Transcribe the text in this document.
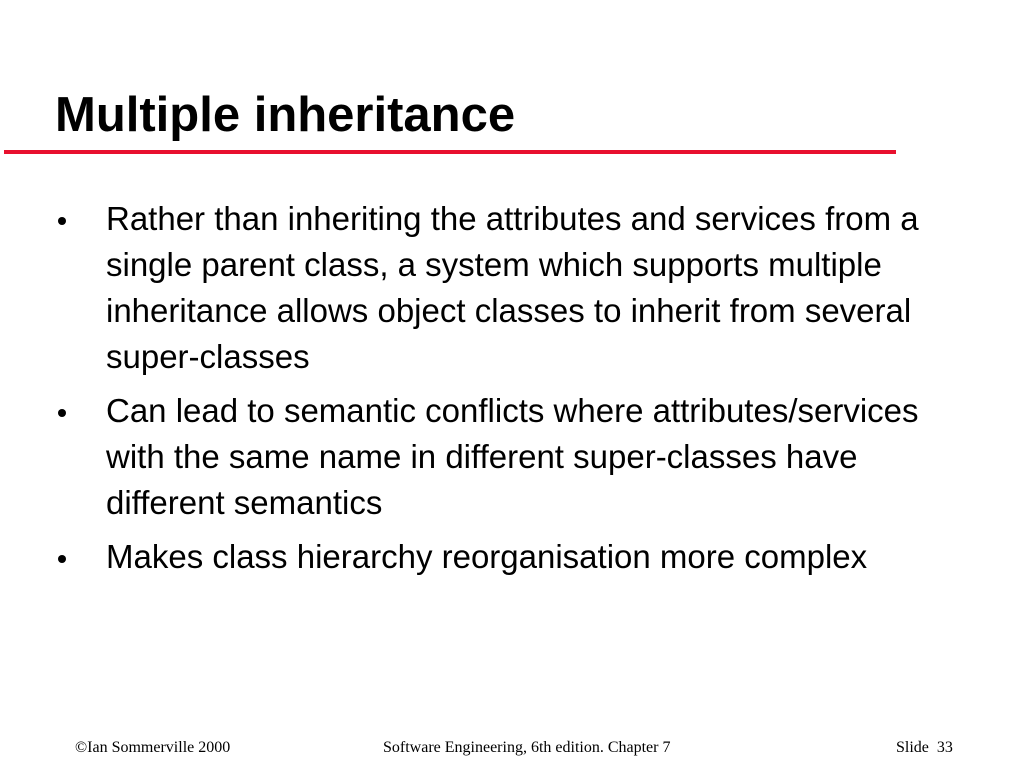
Multiple inheritance
Rather than inheriting the attributes and services from a single parent class, a system which supports multiple inheritance allows object classes to inherit from several super-classes
Can lead to semantic conflicts where attributes/services with the same name in different super-classes have different semantics
Makes class hierarchy reorganisation more complex
©Ian Sommerville 2000	Software Engineering, 6th edition. Chapter 7	Slide 33
